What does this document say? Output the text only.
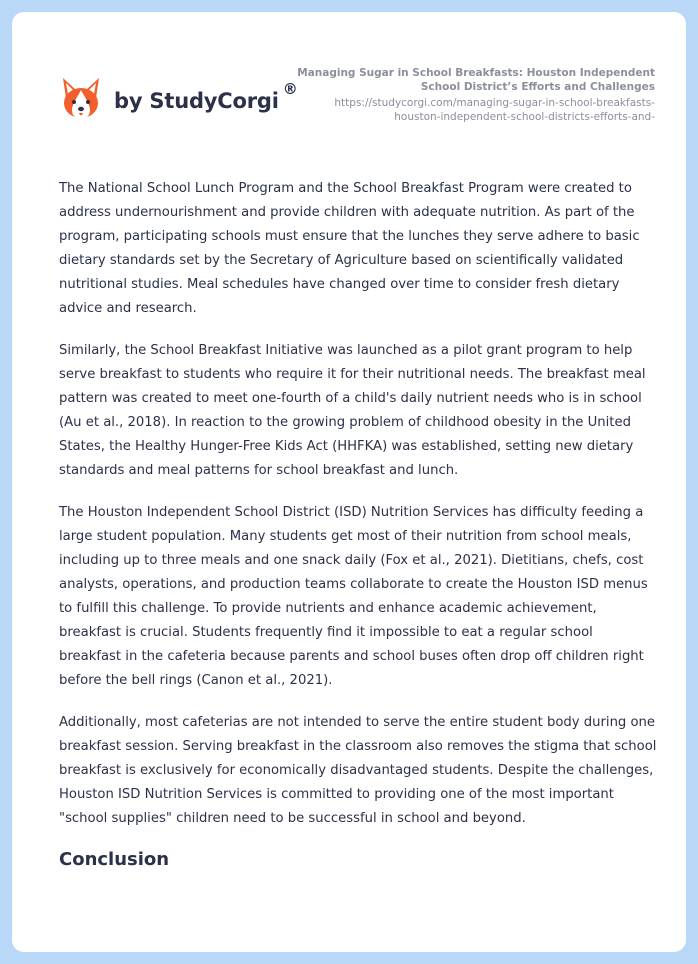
by StudyCorgi ®
Managing Sugar in School Breakfasts: Houston Independent School District’s Efforts and Challenges
https://studycorgi.com/managing-sugar-in-school-breakfasts-
houston-independent-school-districts-efforts-and-

The National School Lunch Program and the School Breakfast Program were created to address undernourishment and provide children with adequate nutrition. As part of the program, participating schools must ensure that the lunches they serve adhere to basic dietary standards set by the Secretary of Agriculture based on scientifically validated nutritional studies. Meal schedules have changed over time to consider fresh dietary advice and research.

Similarly, the School Breakfast Initiative was launched as a pilot grant program to help serve breakfast to students who require it for their nutritional needs. The breakfast meal pattern was created to meet one-fourth of a child's daily nutrient needs who is in school (Au et al., 2018). In reaction to the growing problem of childhood obesity in the United States, the Healthy Hunger-Free Kids Act (HHFKA) was established, setting new dietary standards and meal patterns for school breakfast and lunch.

The Houston Independent School District (ISD) Nutrition Services has difficulty feeding a large student population. Many students get most of their nutrition from school meals, including up to three meals and one snack daily (Fox et al., 2021). Dietitians, chefs, cost analysts, operations, and production teams collaborate to create the Houston ISD menus to fulfill this challenge. To provide nutrients and enhance academic achievement, breakfast is crucial. Students frequently find it impossible to eat a regular school breakfast in the cafeteria because parents and school buses often drop off children right before the bell rings (Canon et al., 2021).

Additionally, most cafeterias are not intended to serve the entire student body during one breakfast session. Serving breakfast in the classroom also removes the stigma that school breakfast is exclusively for economically disadvantaged students. Despite the challenges, Houston ISD Nutrition Services is committed to providing one of the most important "school supplies" children need to be successful in school and beyond.

Conclusion
